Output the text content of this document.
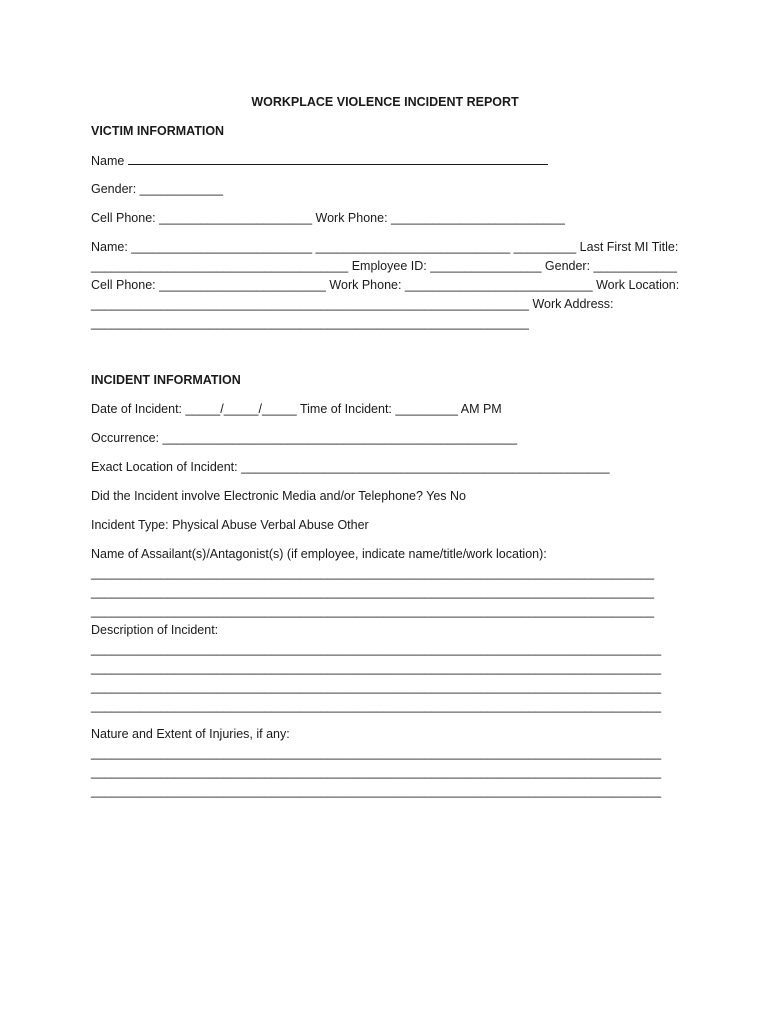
WORKPLACE VIOLENCE INCIDENT REPORT
VICTIM INFORMATION
Name
Gender: ____________
Cell Phone: ______________________ Work Phone: _________________________
Name: __________________________ ____________________________ _________ Last First MI Title:
_____________________________________ Employee ID: ________________ Gender: ____________
Cell Phone: ________________________ Work Phone: ___________________________ Work Location:
_______________________________________________________________ Work Address:
_______________________________________________________________
INCIDENT INFORMATION
Date of Incident: _____/_____/_____ Time of Incident: _________ AM PM
Occurrence: ___________________________________________________
Exact Location of Incident: _____________________________________________________
Did the Incident involve Electronic Media and/or Telephone? Yes No
Incident Type: Physical Abuse Verbal Abuse Other
Name of Assailant(s)/Antagonist(s) (if employee, indicate name/title/work location):
_________________________________________________________________________________
_________________________________________________________________________________
_________________________________________________________________________________
Description of Incident:
__________________________________________________________________________________
__________________________________________________________________________________
__________________________________________________________________________________
__________________________________________________________________________________
Nature and Extent of Injuries, if any:
__________________________________________________________________________________
__________________________________________________________________________________
__________________________________________________________________________________
